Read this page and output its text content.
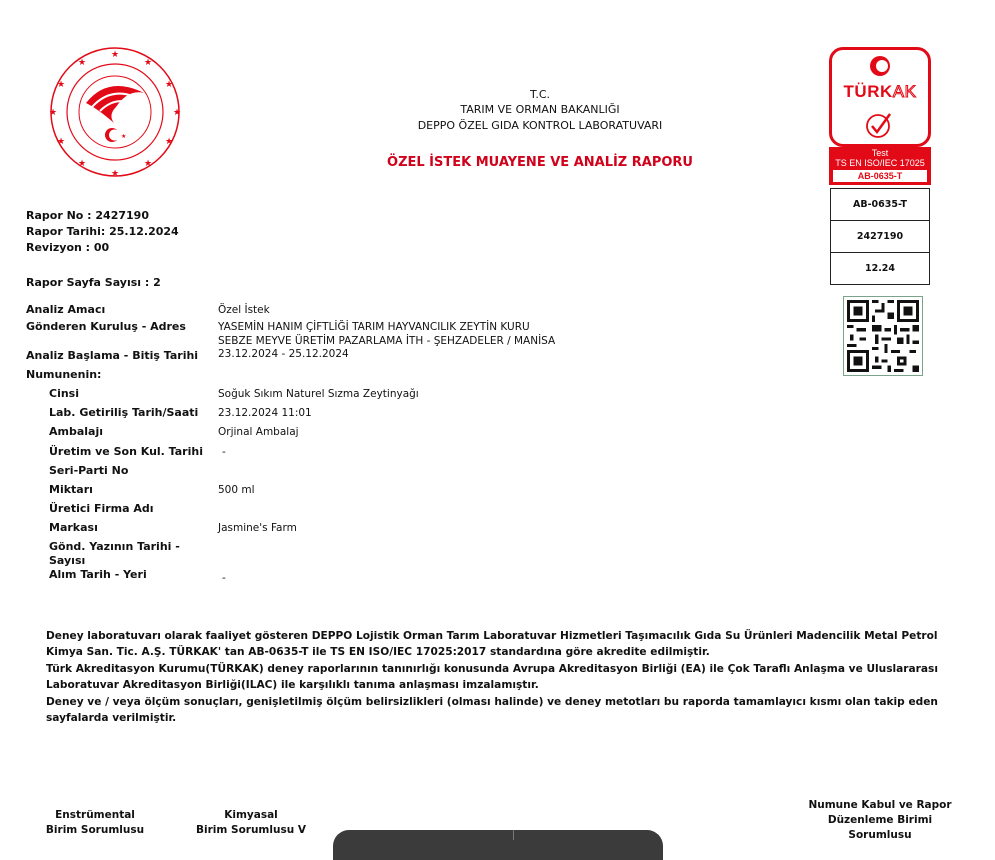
★
★
★
★
★
★
★
★
★
★
★
★
★
T.C.
TARIM VE ORMAN BAKANLIĞI
DEPPO ÖZEL GIDA KONTROL LABORATUVARI
ÖZEL İSTEK MUAYENE VE ANALİZ RAPORU
Rapor No : 2427190
Rapor Tarihi: 25.12.2024
Revizyon : 00
Rapor Sayfa Sayısı : 2
Analiz Amacı	Özel İstek
Gönderen Kuruluş - Adres	YASEMİN HANIM ÇİFTLİĞİ TARIM HAYVANCILIK ZEYTİN KURU
SEBZE MEYVE ÜRETİM PAZARLAMA İTH - ŞEHZADELER / MANİSA
Analiz Başlama - Bitiş Tarihi 23.12.2024 - 25.12.2024
Numunenin:
Cinsi	Soğuk Sıkım Naturel Sızma Zeytinyağı
Lab. Getiriliş Tarih/Saati 23.12.2024 11:01
Ambalajı	Orjinal Ambalaj
Üretim ve Son Kul. Tarihi -
Seri-Parti No
Miktarı	500 ml
Üretici Firma Adı
Markası	Jasmine's Farm
Gönd. Yazının Tarihi -
Sayısı
Alım Tarih - Yeri	-
TÜRKAK
Test
TS EN ISO/IEC 17025
AB-0635-T
AB-0635-T
2427190
12.24
Deney laboratuvarı olarak faaliyet gösteren DEPPO Lojistik Orman Tarım Laboratuvar Hizmetleri Taşımacılık Gıda Su Ürünleri Madencilik Metal Petrol
Kimya San. Tic. A.Ş. TÜRKAK' tan AB-0635-T ile TS EN ISO/IEC 17025:2017 standardına göre akredite edilmiştir.
Türk Akreditasyon Kurumu(TÜRKAK) deney raporlarının tanınırlığı konusunda Avrupa Akreditasyon Birliği (EA) ile Çok Taraflı Anlaşma ve Uluslararası
Laboratuvar Akreditasyon Birliği(ILAC) ile karşılıklı tanıma anlaşması imzalamıştır.
Deney ve / veya ölçüm sonuçları, genişletilmiş ölçüm belirsizlikleri (olması halinde) ve deney metotları bu raporda tamamlayıcı kısmı olan takip eden
sayfalarda verilmiştir.
Enstrümental
Birim Sorumlusu
Kimyasal
Birim Sorumlusu V
Numune Kabul ve Rapor
Düzenleme Birimi
Sorumlusu
